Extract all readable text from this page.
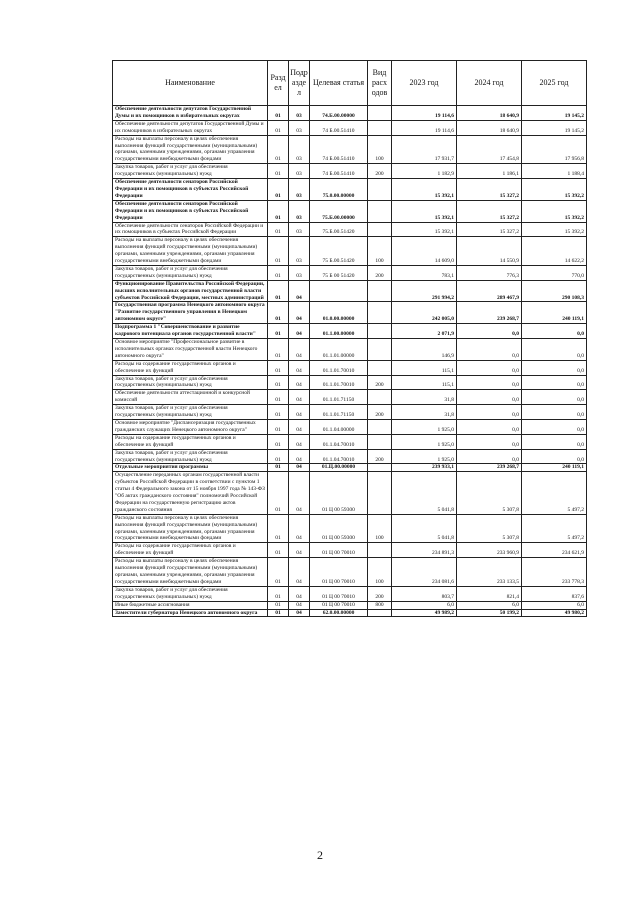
Наименование	Разд ел	Подр азде л	Целевая статья	Вид расх одов	2023 год	2024 год	2025 год
Обеспечение деятельности депутатов Государственной Думы и их помощников в избирательных округах	01	03	74.Б.00.00000		19 114,6	18 640,9	19 145,2
Обеспечение деятельности депутатов Государственной Думы и их помощников в избирательных округах	01	03	74 Б.00.51410		19 114,6	18 640,9	19 145,2
Расходы на выплаты персоналу в целях обеспечения выполнения функций государственными (муниципальными) органами, казенными учреждениями, органами управления государственными внебюджетными фондами	01	03	74 Б.00.51410	100	17 931,7	17 454,8	17 956,8
Закупка товаров, работ и услуг для обеспечения государственных (муниципальных) нужд	01	03	74 Б.00.51410	200	1 182,9	1 186,1	1 188,4
Обеспечение деятельности сенаторов Российской Федерации и их помощников в субъектах Российской Федерации	01	03	75.0.00.00000		15 392,1	15 327,2	15 392,2
Обеспечение деятельности сенаторов Российской Федерации и их помощников в субъектах Российской Федерации	01	03	75.Б.00.00000		15 392,1	15 327,2	15 392,2
Обеспечение деятельности сенаторов Российской Федерации и их помощников в субъектах Российской Федерации	01	03	75.Б.00.51420		15 392,1	15 327,2	15 392,2
Расходы на выплаты персоналу в целях обеспечения выполнения функций государственными (муниципальными) органами, казенными учреждениями, органами управления государственными внебюджетными фондами	01	03	75 Б.00.51420	100	14 609,0	14 550,9	14 622,2
Закупка товаров, работ и услуг для обеспечения государственных (муниципальных) нужд	01	03	75 Б 00 51420	200	783,1	776,3	770,0
Функционирование Правительства Российской Федерации, высших исполнительных органов государственной власти субъектов Российской Федерации, местных администраций	01	04			291 994,2	289 467,9	290 108,3
Государственная программа Ненецкого автономного округа "Развитие государственного управления в Ненецком автономном округе"	01	04	01.0.00.00000		242 005,0	239 268,7	240 119,1
Подпрограмма 1 "Совершенствование и развитие кадрового потенциала органов государственной власти"	01	04	01.1.00.00000		2 071,9	0,0	0,0
Основное мероприятие "Профессиональное развитие в исполнительных органах государственной власти Ненецкого автономного округа"	01	04	01.1.01.00000		146,9	0,0	0,0
Расходы на содержание государственных органов и обеспечение их функций	01	04	01.1.01.70010		115,1	0,0	0,0
Закупка товаров, работ и услуг для обеспечения государственных (муниципальных) нужд	01	04	01.1.01.70010	200	115,1	0,0	0,0
Обеспечение деятельности аттестационной и конкурсной комиссий	01	04	01.1.01.71150		31,8	0,0	0,0
Закупка товаров, работ и услуг для обеспечения государственных (муниципальных) нужд	01	04	01.1.01.71150	200	31,8	0,0	0,0
Основное мероприятие "Диспансеризация государственных гражданских служащих Ненецкого автономного округа"	01	04	01.1.04.00000		1 925,0	0,0	0,0
Расходы на содержание государственных органов и обеспечение их функций	01	04	01.1.04.70010		1 925,0	0,0	0,0
Закупка товаров, работ и услуг для обеспечения государственных (муниципальных) нужд	01	04	01.1.04.70010	200	1 925,0	0,0	0,0
Отдельные мероприятия программы	01	04	01.Ц.00.00000		239 933,1	239 268,7	240 119,1
Осуществление переданных органам государственной власти субъектов Российской Федерации в соответствии с пунктом 1 статьи 4 Федерального закона от 15 ноября 1997 года № 143-ФЗ "Об актах гражданского состояния" полномочий Российской Федерации на государственную регистрацию актов гражданского состояния	01	04	01 Ц 00 59300		5 041,8	5 307,8	5 497,2
Расходы на выплаты персоналу в целях обеспечения выполнения функций государственными (муниципальными) органами, казенными учреждениями, органами управления государственными внебюджетными фондами	01	04	01 Ц 00 59300	100	5 041,8	5 307,8	5 497,2
Расходы на содержание государственных органов и обеспечение их функций	01	04	01 Ц 00 70010		234 891,3	233 960,9	234 621,9
Расходы на выплаты персоналу в целях обеспечения выполнения функций государственными (муниципальными) органами, казенными учреждениями, органами управления государственными внебюджетными фондами	01	04	01 Ц 00 70010	100	234 081,6	233 133,5	233 778,3
Закупка товаров, работ и услуг для обеспечения государственных (муниципальных) нужд	01	04	01 Ц 00 70010	200	803,7	821,4	837,6
Иные бюджетные ассигнования	01	04	01 Ц 00 70010	800	6,0	6,0	6,0
Заместители губернатора Ненецкого автономного округа	01	04	62.0.00.00000		49 989,2	50 199,2	49 980,2
2
